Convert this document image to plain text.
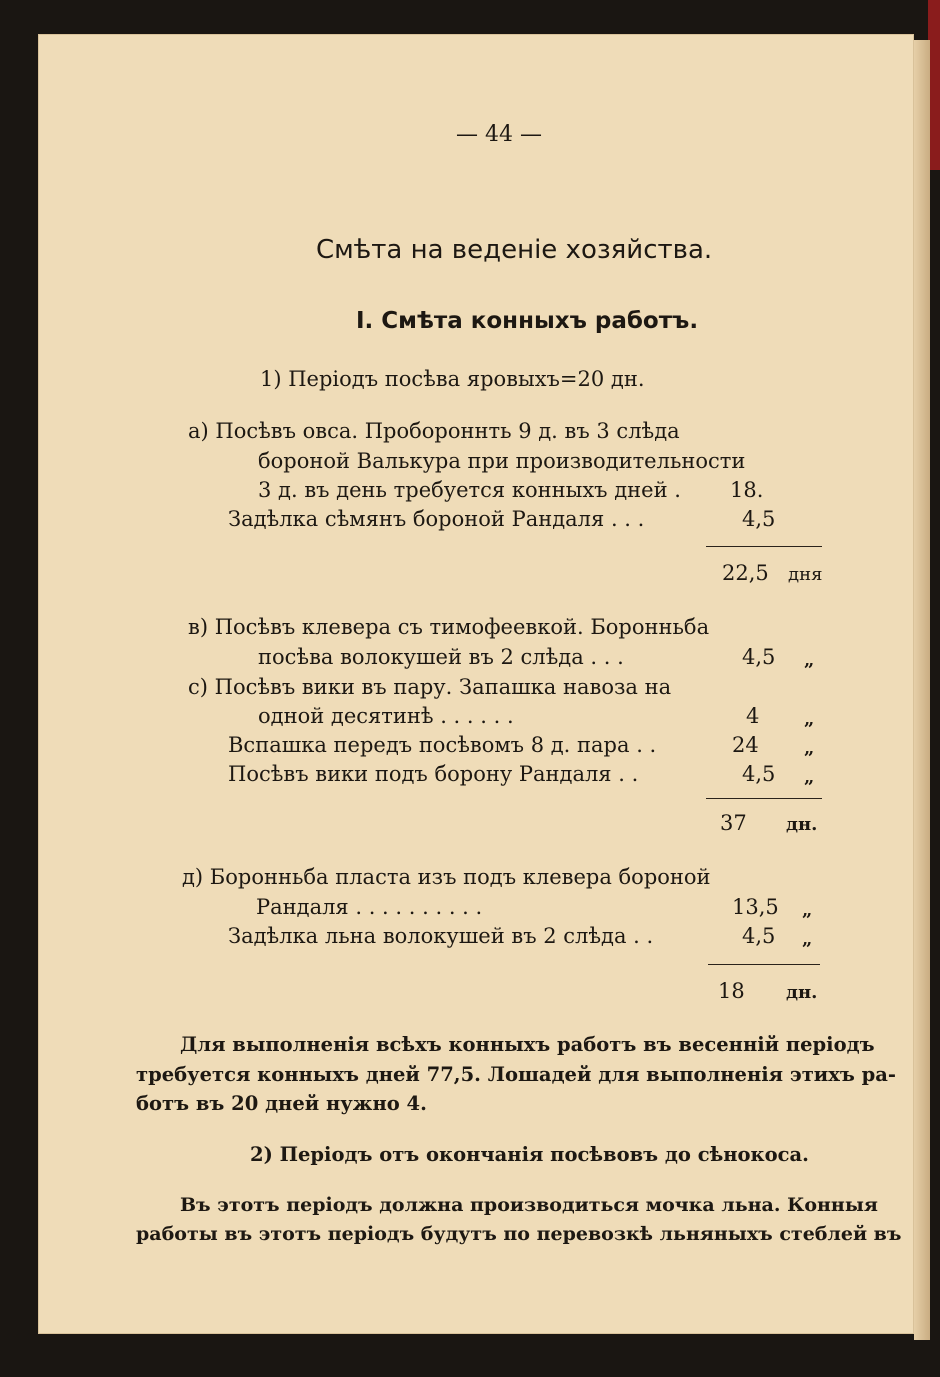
— 44 —
Смѣта на веденіе хозяйства.
I. Смѣта конныхъ работъ.
1) Періодъ посѣва яровыхъ=20 дн.
а) Посѣвъ овса. Пробороннть 9 д. въ 3 слѣда
бороной Валькура при производительности
3 д. въ день требуется конныхъ дней . 18.
Задѣлка сѣмянъ бороной Рандаля . . .	4,5
22,5 дня
в) Посѣвъ клевера съ тимофеевкой. Боронньба
посѣва волокушей въ 2 слѣда . . .	4,5 „
c) Посѣвъ вики въ пару. Запашка навоза на
одной десятинѣ . . . . . .	4 „
Вспашка передъ посѣвомъ 8 д. пара . .	24	„
Посѣвъ вики подъ борону Рандаля . .	4,5 „
37 дн.
д) Боронньба пласта изъ подъ клевера бороной
Рандаля . . . . . . . . . .	13,5 „
Задѣлка льна волокушей въ 2 слѣда . .	4,5 „
18 дн.
Для выполненія всѣхъ конныхъ работъ въ весенній періодъ
требуется конныхъ дней 77,5. Лошадей для выполненія этихъ ра-
ботъ въ 20 дней нужно 4.
2) Періодъ отъ окончанія посѣвовъ до сѣнокоса.
Въ этотъ періодъ должна производиться мочка льна. Конныя
работы въ этотъ періодъ будутъ по перевозкѣ льняныхъ стеблей въ
